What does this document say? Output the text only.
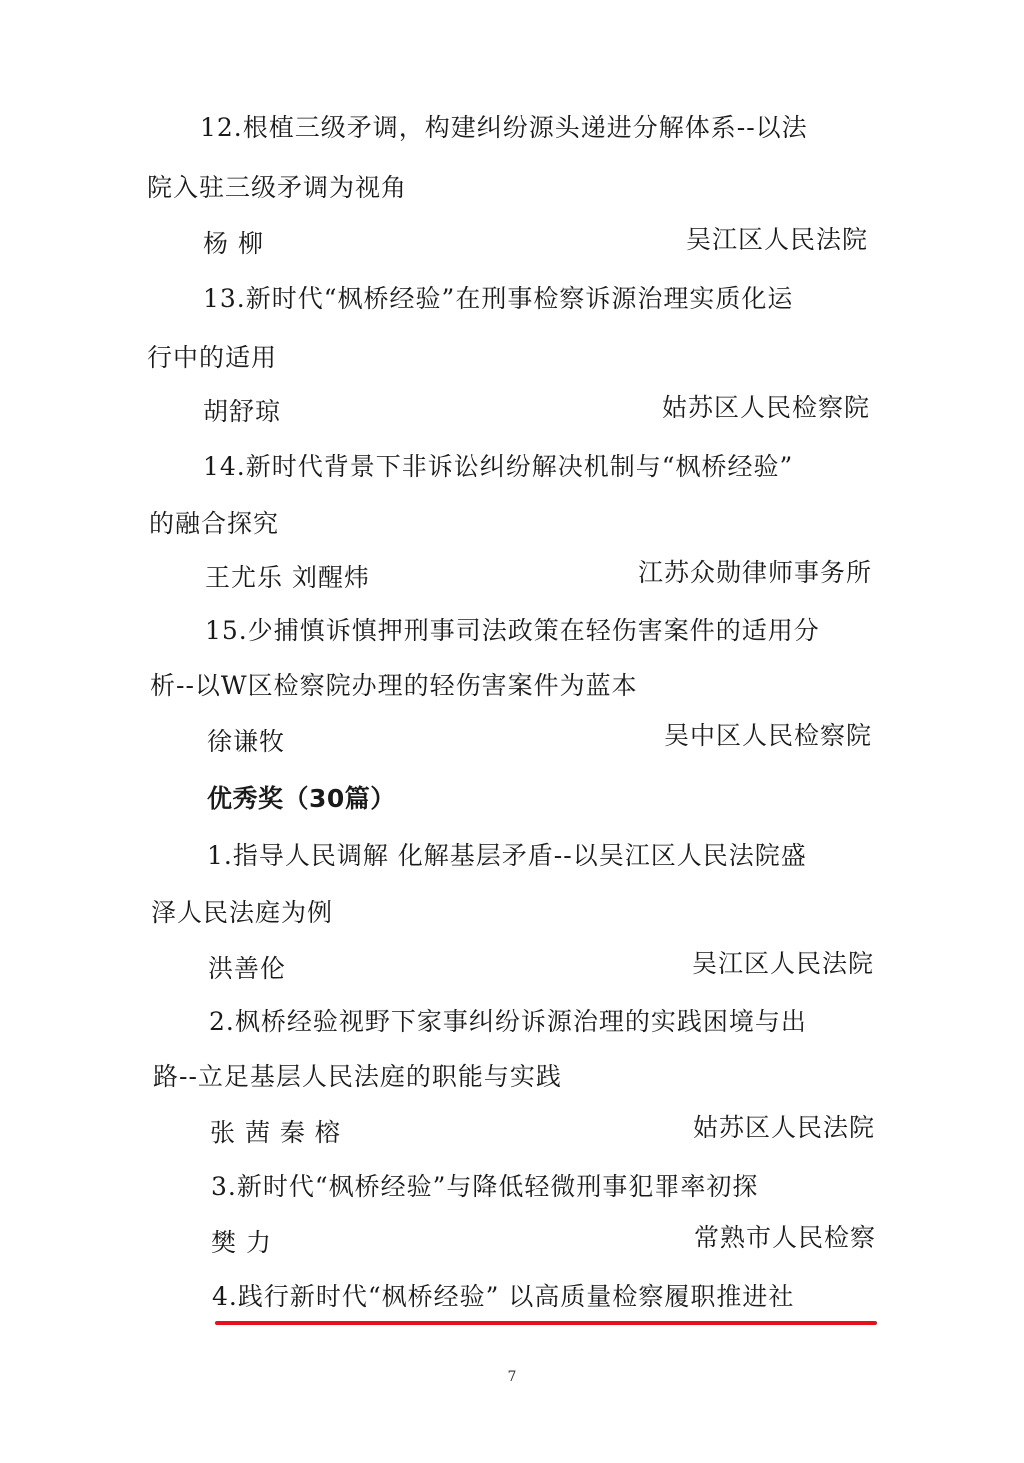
12.根植三级矛调，构建纠纷源头递进分解体系--以法
院入驻三级矛调为视角
杨 柳	吴江区人民法院
13.新时代“枫桥经验”在刑事检察诉源治理实质化运
行中的适用
胡舒琼	姑苏区人民检察院
14.新时代背景下非诉讼纠纷解决机制与“枫桥经验”
的融合探究
王尤乐 刘醒炜	江苏众勋律师事务所
15.少捕慎诉慎押刑事司法政策在轻伤害案件的适用分
析--以W区检察院办理的轻伤害案件为蓝本
徐谦牧	吴中区人民检察院
优秀奖（30篇）
1.指导人民调解 化解基层矛盾--以吴江区人民法院盛
泽人民法庭为例
洪善伦	吴江区人民法院
2.枫桥经验视野下家事纠纷诉源治理的实践困境与出
路--立足基层人民法庭的职能与实践
张 茜 秦 榕	姑苏区人民法院
3.新时代“枫桥经验”与降低轻微刑事犯罪率初探
樊 力	常熟市人民检察
4.践行新时代“枫桥经验” 以高质量检察履职推进社
7
